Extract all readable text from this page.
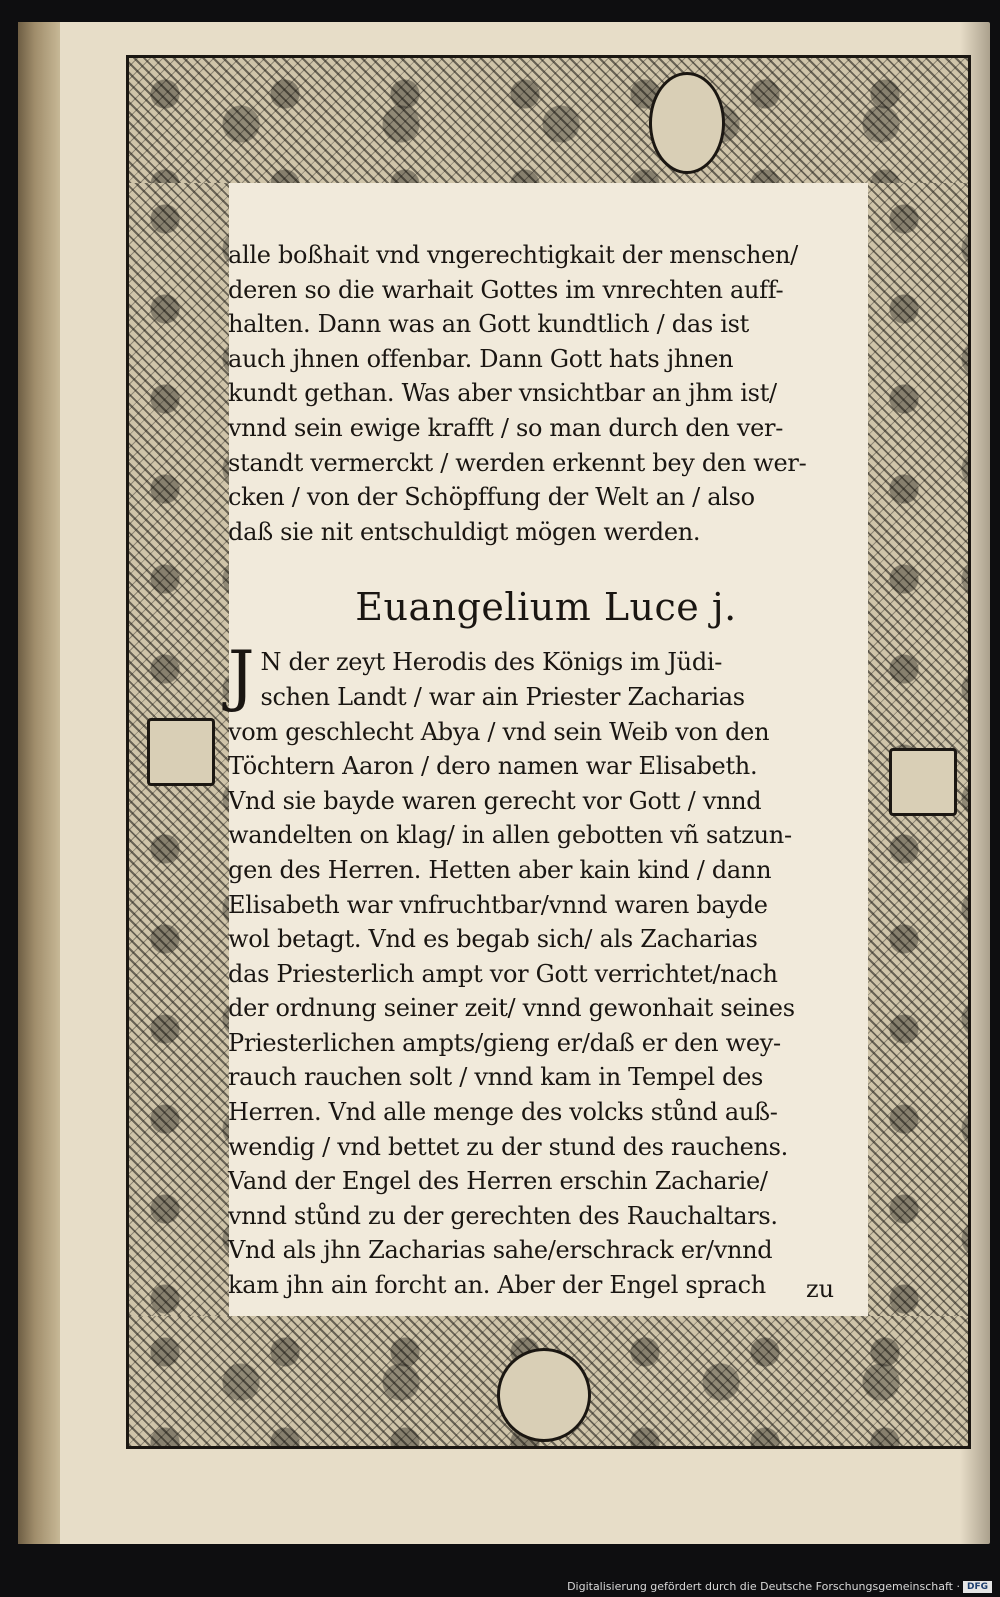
alle boßhait vnd vngerechtigkait der menschen/
deren so die warhait Gottes im vnrechten auff-
halten. Dann was an Gott kundtlich / das ist
auch jhnen offenbar. Dann Gott hats jhnen
kundt gethan. Was aber vnsichtbar an jhm ist/
vnnd sein ewige krafft / so man durch den ver-
standt vermerckt / werden erkennt bey den wer-
cken / von der Schöpffung der Welt an / also
daß sie nit entschuldigt mögen werden.
Euangelium Luce j.
J N der zeyt Herodis des Königs im Jüdi-
schen Landt / war ain Priester Zacharias
vom geschlecht Abya / vnd sein Weib von den
Töchtern Aaron / dero namen war Elisabeth.
Vnd sie bayde waren gerecht vor Gott / vnnd
wandelten on klag/ in allen gebotten vñ satzun-
gen des Herren. Hetten aber kain kind / dann
Elisabeth war vnfruchtbar/vnnd waren bayde
wol betagt. Vnd es begab sich/ als Zacharias
das Priesterlich ampt vor Gott verrichtet/nach
der ordnung seiner zeit/ vnnd gewonhait seines
Priesterlichen ampts/gieng er/daß er den wey-
rauch rauchen solt / vnnd kam in Tempel des
Herren. Vnd alle menge des volcks stůnd auß-
wendig / vnd bettet zu der stund des rauchens.
Vand der Engel des Herren erschin Zacharie/
vnnd stůnd zu der gerechten des Rauchaltars.
Vnd als jhn Zacharias sahe/erschrack er/vnnd
kam jhn ain forcht an. Aber der Engel sprach	zu
Digitalisierung gefördert durch die Deutsche Forschungsgemeinschaft · DFG
